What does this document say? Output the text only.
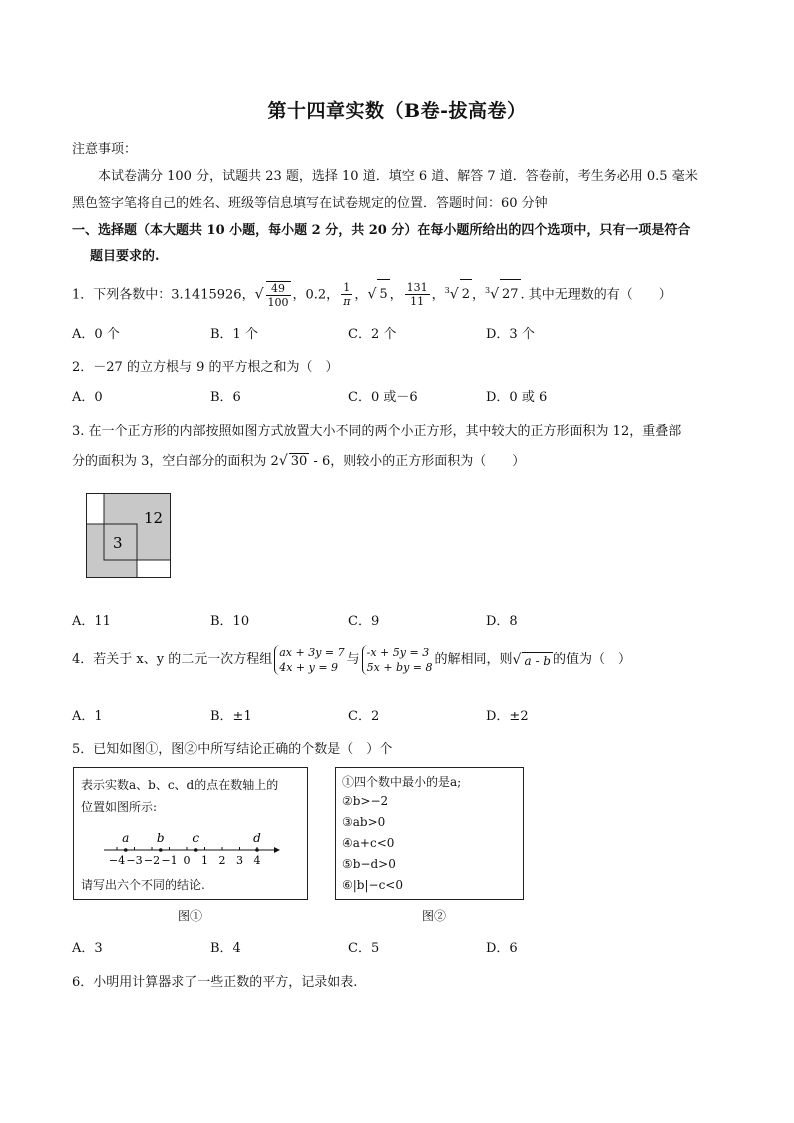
第十四章实数（B卷-拔高卷）
注意事项：
本试卷满分 100 分，试题共 23 题，选择 10 道．填空 6 道、解答 7 道．答卷前，考生务必用 0.5 毫米
黑色签字笔将自己的姓名、班级等信息填写在试卷规定的位置．答题时间：60 分钟
一、选择题（本大题共 10 小题，每小题 2 分，共 20 分）在每小题所给出的四个选项中，只有一项是符合
题目要求的.
1．下列各数中：3.1415926，√ $\frac{49}{100}$ ，0.2， $\frac{1}{\pi}$ ，√ 5 ， $\frac{131}{11}$ ，$^3$√ 2 ，$^3$√ 27 . 其中无理数的有（　　）
A．0 个	B．1 个	C．2 个	D．3 个
2．－27 的立方根与 9 的平方根之和为（　）
A．0	B．6	C．0 或－6	D．0 或 6
3. 在一个正方形的内部按照如图方式放置大小不同的两个小正方形，其中较大的正方形面积为 12，重叠部
分的面积为 3，空白部分的面积为 2√ 30 - 6，则较小的正方形面积为（　　）
12
3
A．11	B．10	C．9	D．8
4．若关于 x、y 的二元一次方程组 ax + 3y = 7
4x + y = 9
与 -x + 5y = 3
5x + by = 8
的解相同，则√ a - b 的值为（　）
A．1	B．±1	C．2	D．±2
5．已知如图①，图②中所写结论正确的个数是（　）个
表示实数a、b、c、d的点在数轴上的
位置如图所示:
−4 −3 −2 −1 0 1 2 3 4
a b c	d
请写出六个不同的结论.
图①
①四个数中最小的是a;
②b>−2
③ab>0
④a+c<0
⑤b−d>0
⑥|b|−c<0
图②
A．3	B．4	C．5	D．6
6．小明用计算器求了一些正数的平方，记录如表.
